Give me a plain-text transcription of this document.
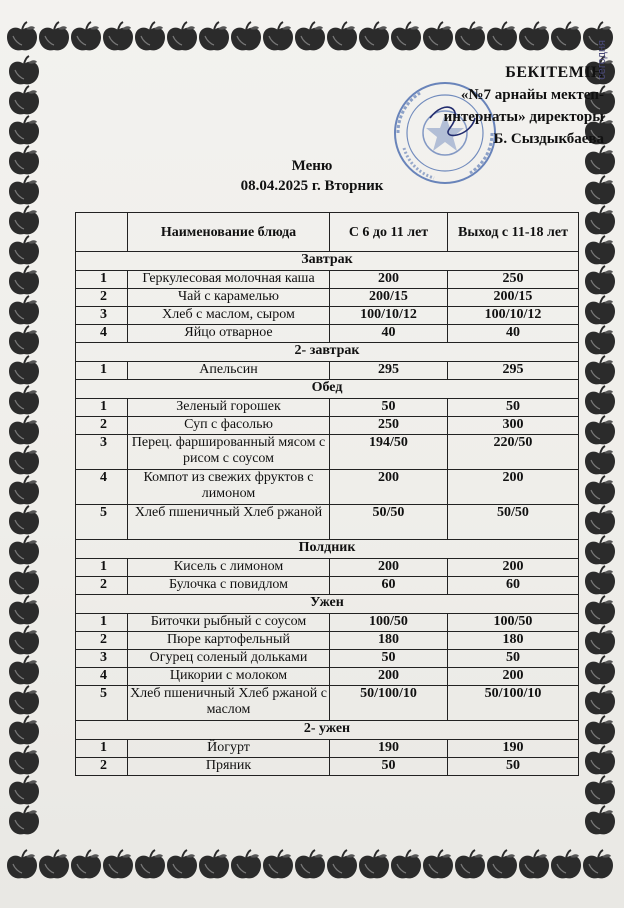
БЕКІТЕМІН
«№7 арнайы мектеп-
интернаты» директоры
Б. Сыздыкбаева
сегодня
Меню
08.04.2025 г. Вторник
	Наименование блюда	С 6 до 11 лет	Выход с 11-18 лет
Завтрак			
1	Геркулесовая молочная каша	200	250
2	Чай с карамелью	200/15	200/15
3	Хлеб с маслом, сыром	100/10/12	100/10/12
4	Яйцо отварное	40	40
2- завтрак			
1	Апельсин	295	295
Обед			
1	Зеленый горошек	50	50
2	Суп с фасолью	250	300
3	Перец. фаршированный мясом с рисом с соусом	194/50	220/50
4	Компот из свежих фруктов с лимоном	200	200
5	Хлеб пшеничный Хлеб ржаной	50/50	50/50
Полдник			
1	Кисель с лимоном	200	200
2	Булочка с повидлом	60	60
Ужен			
1	Биточки рыбный с соусом	100/50	100/50
2	Пюре картофельный	180	180
3	Огурец соленый дольками	50	50
4	Цикории с молоком	200	200
5	Хлеб пшеничный Хлеб ржаной с маслом	50/100/10	50/100/10
2- ужен			
1	Йогурт	190	190
2	Пряник	50	50
